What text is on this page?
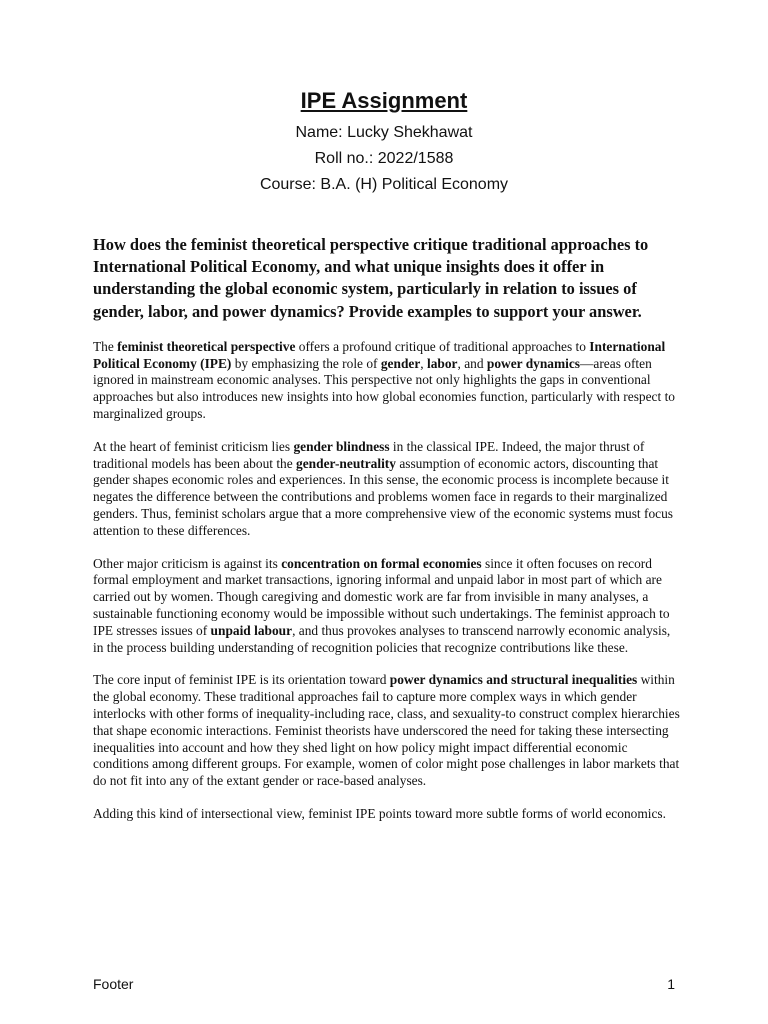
IPE Assignment
Name: Lucky Shekhawat
Roll no.: 2022/1588
Course: B.A. (H) Political Economy

How does the feminist theoretical perspective critique traditional approaches to International Political Economy, and what unique insights does it offer in understanding the global economic system, particularly in relation to issues of gender, labor, and power dynamics? Provide examples to support your answer.

The feminist theoretical perspective offers a profound critique of traditional approaches to International Political Economy (IPE) by emphasizing the role of gender, labor, and power dynamics—areas often ignored in mainstream economic analyses. This perspective not only highlights the gaps in conventional approaches but also introduces new insights into how global economies function, particularly with respect to marginalized groups.

At the heart of feminist criticism lies gender blindness in the classical IPE. Indeed, the major thrust of traditional models has been about the gender-neutrality assumption of economic actors, discounting that gender shapes economic roles and experiences. In this sense, the economic process is incomplete because it negates the difference between the contributions and problems women face in regards to their marginalized genders. Thus, feminist scholars argue that a more comprehensive view of the economic systems must focus attention to these differences.

Other major criticism is against its concentration on formal economies since it often focuses on record formal employment and market transactions, ignoring informal and unpaid labor in most part of which are carried out by women. Though caregiving and domestic work are far from invisible in many analyses, a sustainable functioning economy would be impossible without such undertakings. The feminist approach to IPE stresses issues of unpaid labour, and thus provokes analyses to transcend narrowly economic analysis, in the process building understanding of recognition policies that recognize contributions like these.

The core input of feminist IPE is its orientation toward power dynamics and structural inequalities within the global economy. These traditional approaches fail to capture more complex ways in which gender interlocks with other forms of inequality-including race, class, and sexuality-to construct complex hierarchies that shape economic interactions. Feminist theorists have underscored the need for taking these intersecting inequalities into account and how they shed light on how policy might impact differential economic conditions among different groups. For example, women of color might pose challenges in labor markets that do not fit into any of the extant gender or race-based analyses.

Adding this kind of intersectional view, feminist IPE points toward more subtle forms of world economics.

Footer	1
